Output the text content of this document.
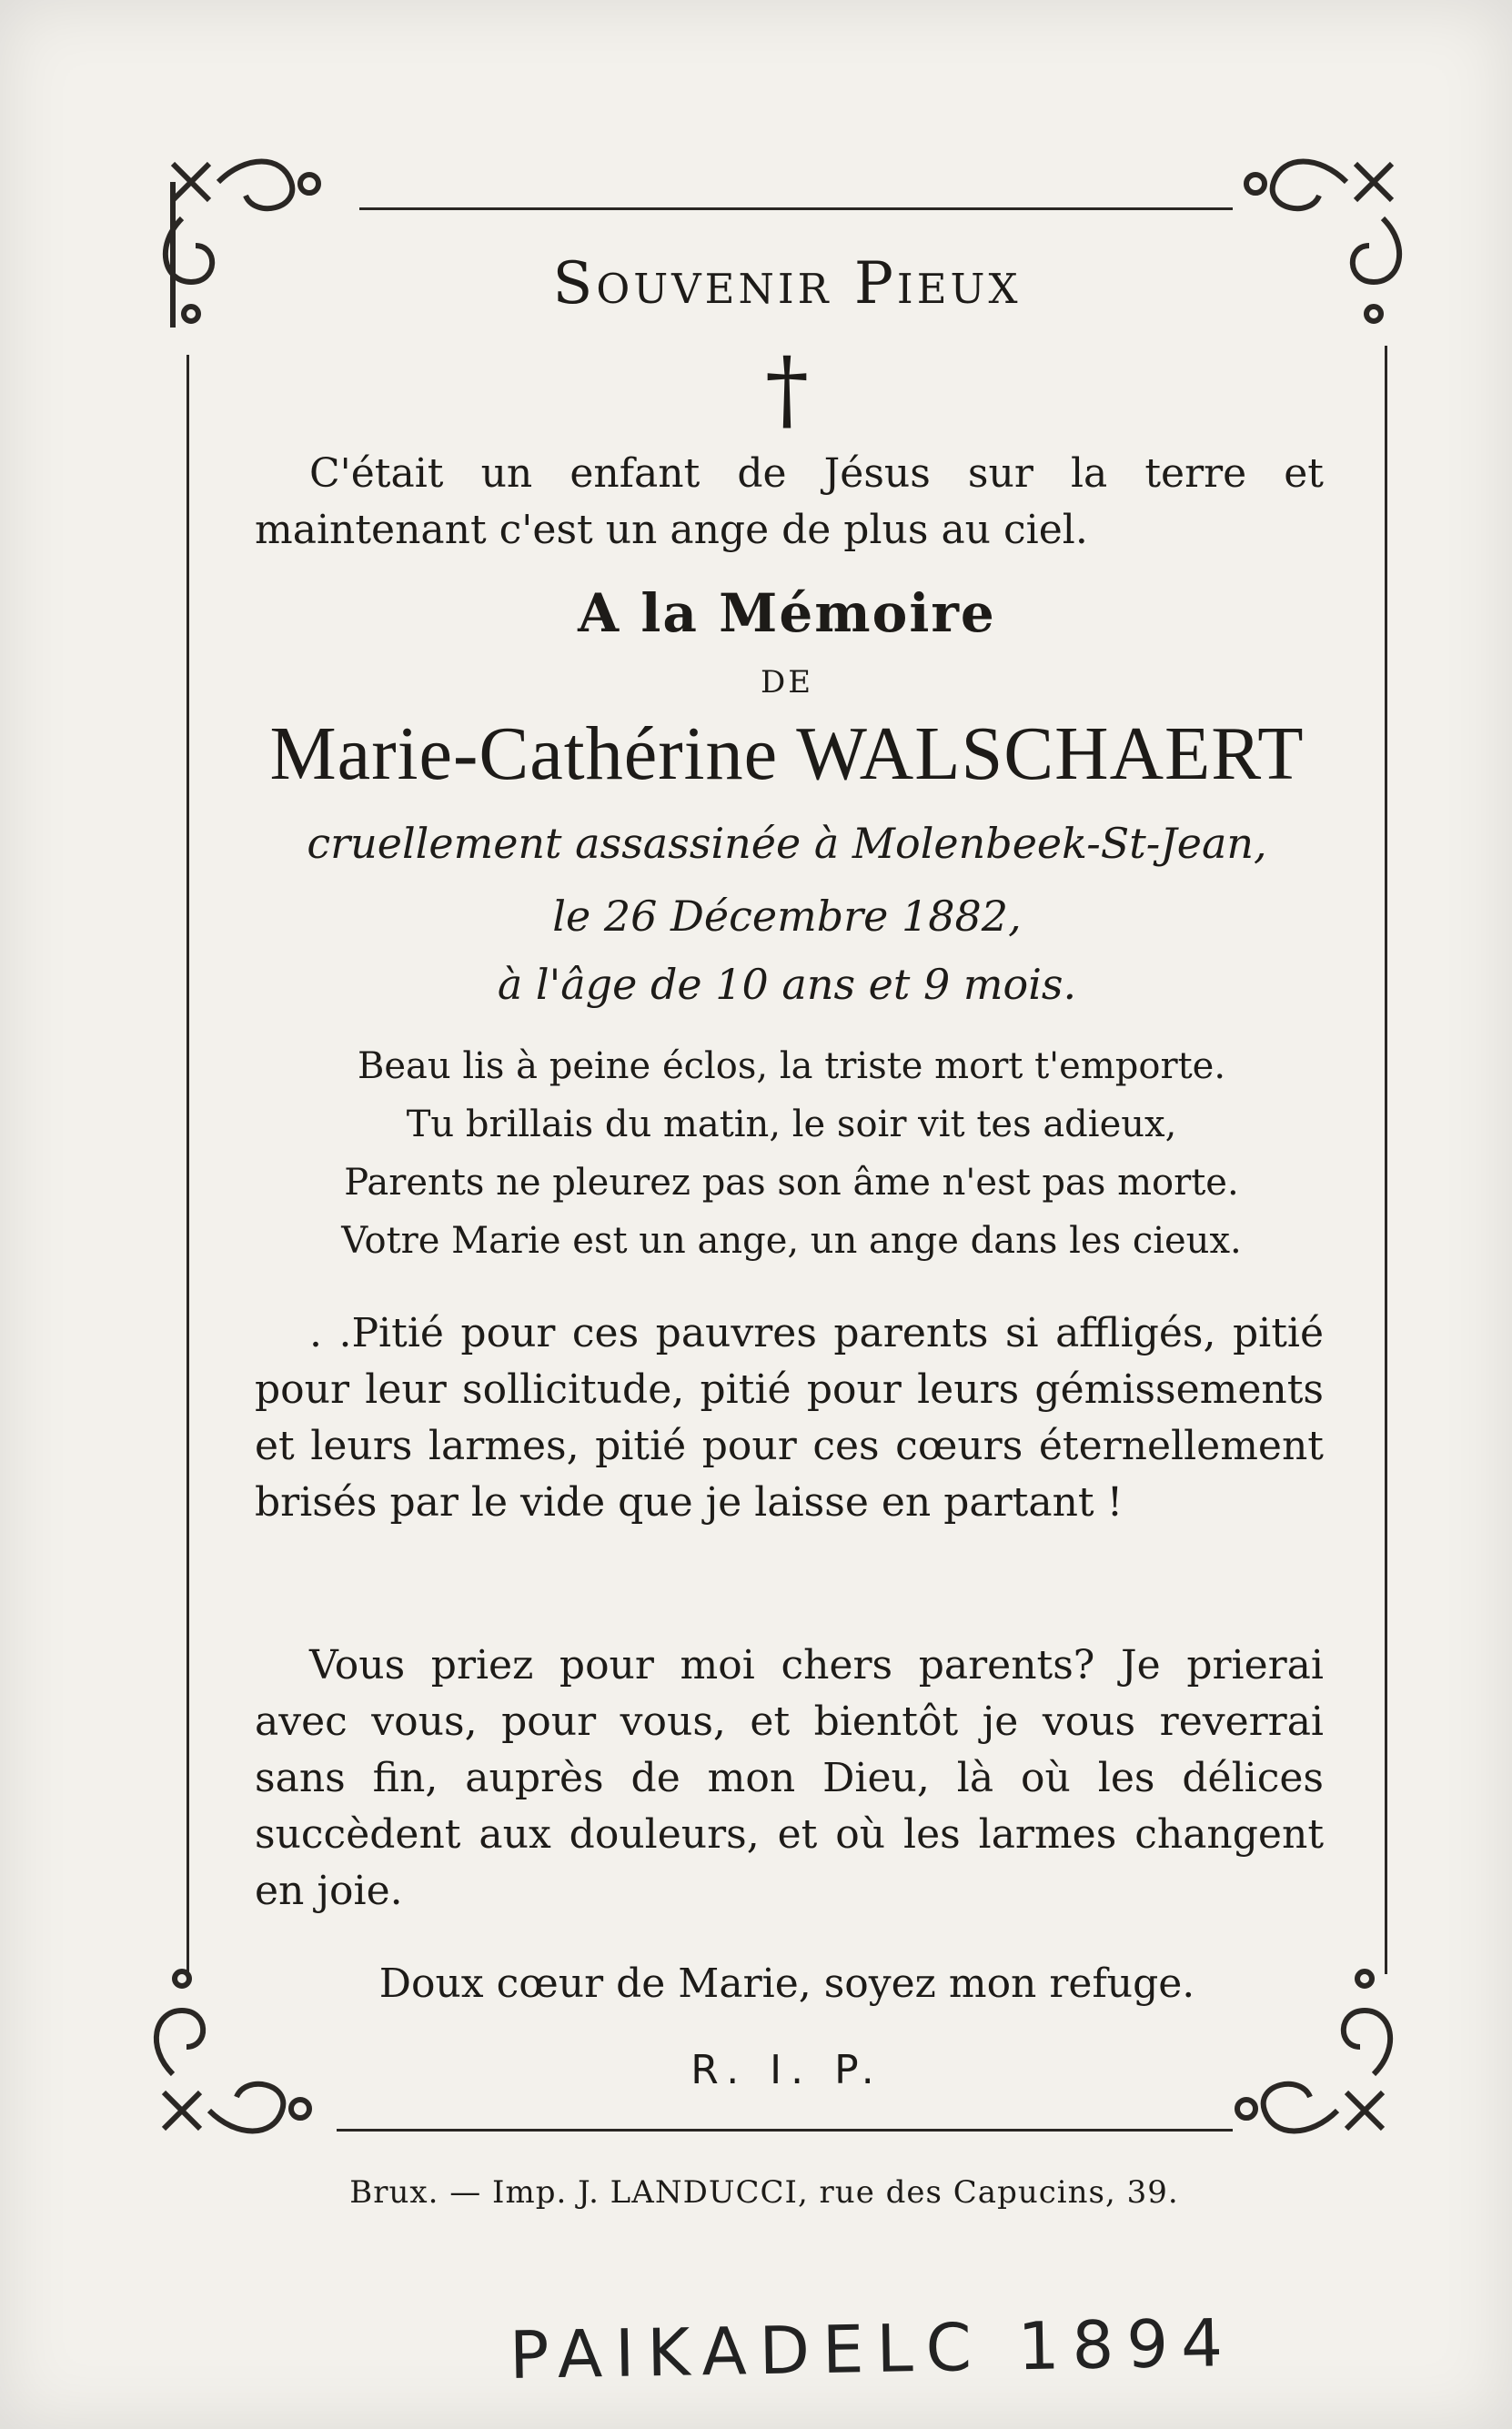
Souvenir Pieux
†
C'était un enfant de Jésus sur la terre et maintenant c'est un ange de plus au ciel.
A la Mémoire
DE
Marie-Cathérine WALSCHAERT
cruellement assassinée à Molenbeek-St-Jean,
le 26 Décembre 1882,
à l'âge de 10 ans et 9 mois.
Beau lis à peine éclos, la triste mort t'emporte.
Tu brillais du matin, le soir vit tes adieux,
Parents ne pleurez pas son âme n'est pas morte.
Votre Marie est un ange, un ange dans les cieux.
. .Pitié pour ces pauvres parents si affligés, pitié pour leur sollicitude, pitié pour leurs gémissements et leurs larmes, pitié pour ces cœurs éternellement brisés par le vide que je laisse en partant !
Vous priez pour moi chers parents? Je prierai avec vous, pour vous, et bientôt je vous reverrai sans fin, auprès de mon Dieu, là où les délices succèdent aux douleurs, et où les larmes changent en joie.
Doux cœur de Marie, soyez mon refuge.
R. I. P.
Brux. — Imp. J. LANDUCCI, rue des Capucins, 39.
PAIKADELC 1894
